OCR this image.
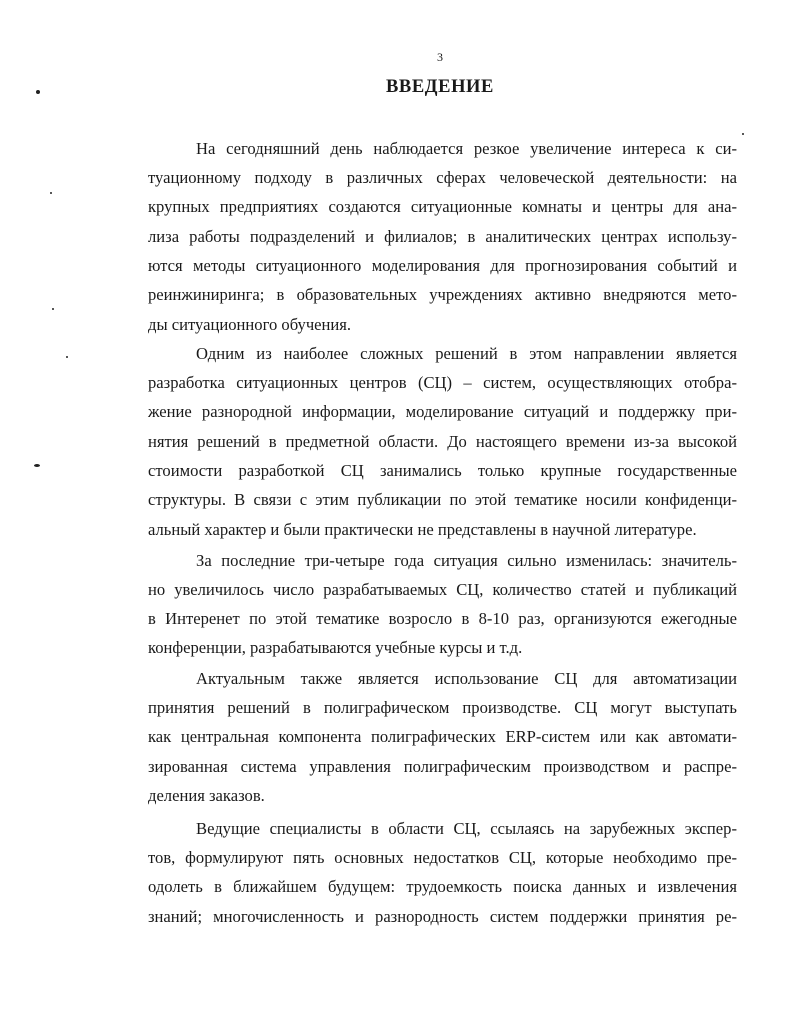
3
ВВЕДЕНИЕ
На сегодняшний день наблюдается резкое увеличение интереса к си-
туационному подходу в различных сферах человеческой деятельности: на
крупных предприятиях создаются ситуационные комнаты и центры для ана-
лиза работы подразделений и филиалов; в аналитических центрах использу-
ются методы ситуационного моделирования для прогнозирования событий и
реинжиниринга; в образовательных учреждениях активно внедряются мето-
ды ситуационного обучения.
Одним из наиболее сложных решений в этом направлении является
разработка ситуационных центров (СЦ) – систем, осуществляющих отобра-
жение разнородной информации, моделирование ситуаций и поддержку при-
нятия решений в предметной области. До настоящего времени из-за высокой
стоимости разработкой СЦ занимались только крупные государственные
структуры. В связи с этим публикации по этой тематике носили конфиденци-
альный характер и были практически не представлены в научной литературе.
За последние три-четыре года ситуация сильно изменилась: значитель-
но увеличилось число разрабатываемых СЦ, количество статей и публикаций
в Интеренет по этой тематике возросло в 8-10 раз, организуются ежегодные
конференции, разрабатываются учебные курсы и т.д.
Актуальным также является использование СЦ для автоматизации
принятия решений в полиграфическом производстве. СЦ могут выступать
как центральная компонента полиграфических ERP-систем или как автомати-
зированная система управления полиграфическим производством и распре-
деления заказов.
Ведущие специалисты в области СЦ, ссылаясь на зарубежных экспер-
тов, формулируют пять основных недостатков СЦ, которые необходимо пре-
одолеть в ближайшем будущем: трудоемкость поиска данных и извлечения
знаний; многочисленность и разнородность систем поддержки принятия ре-
